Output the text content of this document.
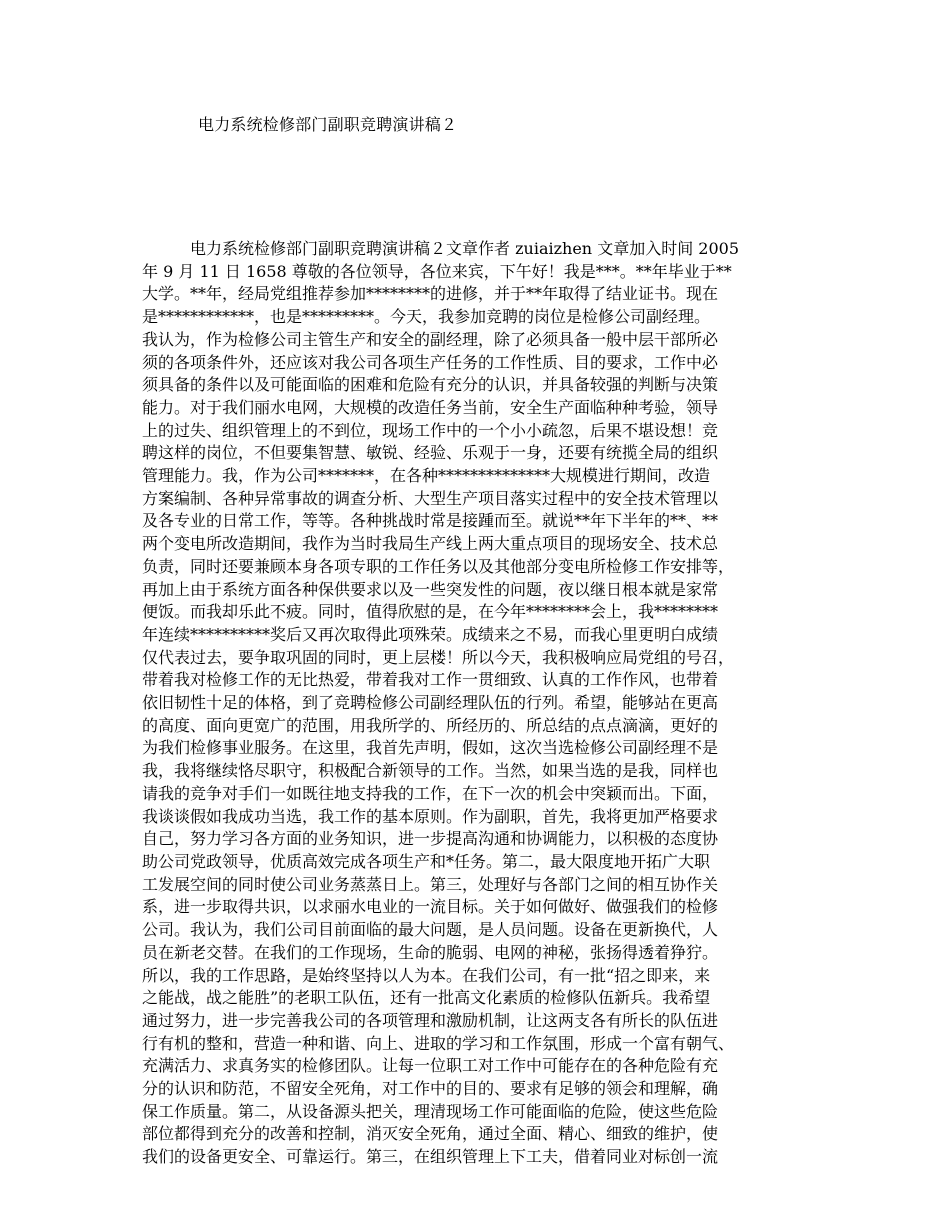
电力系统检修部门副职竞聘演讲稿２
电力系统检修部门副职竞聘演讲稿２文章作者 zuiaizhen 文章加入时间 2005
年 9 月 11 日 1658 尊敬的各位领导，各位来宾，下午好！我是***。**年毕业于**
大学。**年，经局党组推荐参加********的进修，并于**年取得了结业证书。现在
是************，也是*********。今天，我参加竞聘的岗位是检修公司副经理。
我认为，作为检修公司主管生产和安全的副经理，除了必须具备一般中层干部所必
须的各项条件外，还应该对我公司各项生产任务的工作性质、目的要求，工作中必
须具备的条件以及可能面临的困难和危险有充分的认识，并具备较强的判断与决策
能力。对于我们丽水电网，大规模的改造任务当前，安全生产面临种种考验，领导
上的过失、组织管理上的不到位，现场工作中的一个小小疏忽，后果不堪设想！竞
聘这样的岗位，不但要集智慧、敏锐、经验、乐观于一身，还要有统揽全局的组织
管理能力。我，作为公司*******，在各种**************大规模进行期间，改造
方案编制、各种异常事故的调查分析、大型生产项目落实过程中的安全技术管理以
及各专业的日常工作，等等。各种挑战时常是接踵而至。就说**年下半年的**、**
两个变电所改造期间，我作为当时我局生产线上两大重点项目的现场安全、技术总
负责，同时还要兼顾本身各项专职的工作任务以及其他部分变电所检修工作安排等，
再加上由于系统方面各种保供要求以及一些突发性的问题，夜以继日根本就是家常
便饭。而我却乐此不疲。同时，值得欣慰的是，在今年********会上，我********
年连续**********奖后又再次取得此项殊荣。成绩来之不易，而我心里更明白成绩
仅代表过去，要争取巩固的同时，更上层楼！所以今天，我积极响应局党组的号召，
带着我对检修工作的无比热爱，带着我对工作一贯细致、认真的工作作风，也带着
依旧韧性十足的体格，到了竞聘检修公司副经理队伍的行列。希望，能够站在更高
的高度、面向更宽广的范围，用我所学的、所经历的、所总结的点点滴滴，更好的
为我们检修事业服务。在这里，我首先声明，假如，这次当选检修公司副经理不是
我，我将继续恪尽职守，积极配合新领导的工作。当然，如果当选的是我，同样也
请我的竞争对手们一如既往地支持我的工作，在下一次的机会中突颖而出。下面，
我谈谈假如我成功当选，我工作的基本原则。作为副职，首先，我将更加严格要求
自己，努力学习各方面的业务知识，进一步提高沟通和协调能力，以积极的态度协
助公司党政领导，优质高效完成各项生产和*任务。第二，最大限度地开拓广大职
工发展空间的同时使公司业务蒸蒸日上。第三，处理好与各部门之间的相互协作关
系，进一步取得共识，以求丽水电业的一流目标。关于如何做好、做强我们的检修
公司。我认为，我们公司目前面临的最大问题，是人员问题。设备在更新换代，人
员在新老交替。在我们的工作现场，生命的脆弱、电网的神秘，张扬得透着狰狞。
所以，我的工作思路，是始终坚持以人为本。在我们公司，有一批“招之即来，来
之能战，战之能胜”的老职工队伍，还有一批高文化素质的检修队伍新兵。我希望
通过努力，进一步完善我公司的各项管理和激励机制，让这两支各有所长的队伍进
行有机的整和，营造一种和谐、向上、进取的学习和工作氛围，形成一个富有朝气、
充满活力、求真务实的检修团队。让每一位职工对工作中可能存在的各种危险有充
分的认识和防范，不留安全死角，对工作中的目的、要求有足够的领会和理解，确
保工作质量。第二，从设备源头把关，理清现场工作可能面临的危险，使这些危险
部位都得到充分的改善和控制，消灭安全死角，通过全面、精心、细致的维护，使
我们的设备更安全、可靠运行。第三，在组织管理上下工夫，借着同业对标创一流
